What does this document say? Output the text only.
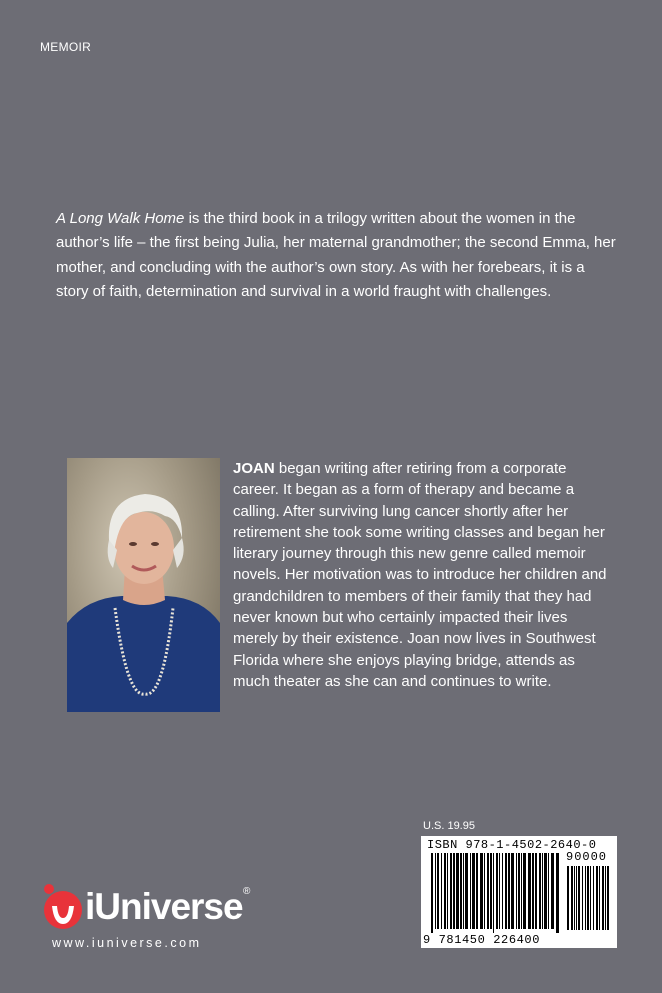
MEMOIR
A Long Walk Home is the third book in a trilogy written about the women in the author’s life – the first being Julia, her maternal grandmother; the second Emma, her mother, and concluding with the author’s own story. As with her forebears, it is a story of faith, determination and survival in a world fraught with challenges.
JOAN began writing after retiring from a corporate career. It began as a form of therapy and became a calling. After surviving lung cancer shortly after her retirement she took some writing classes and began her literary journey through this new genre called memoir novels. Her motivation was to introduce her children and grandchildren to members of their family that they had never known but who certainly impacted their lives merely by their existence. Joan now lives in Southwest Florida where she enjoys playing bridge, attends as much theater as she can and continues to write.
U.S. 19.95
ISBN 978-1-4502-2640-0
90000
9 781450 226400
iUniverse ®
www.iuniverse.com
